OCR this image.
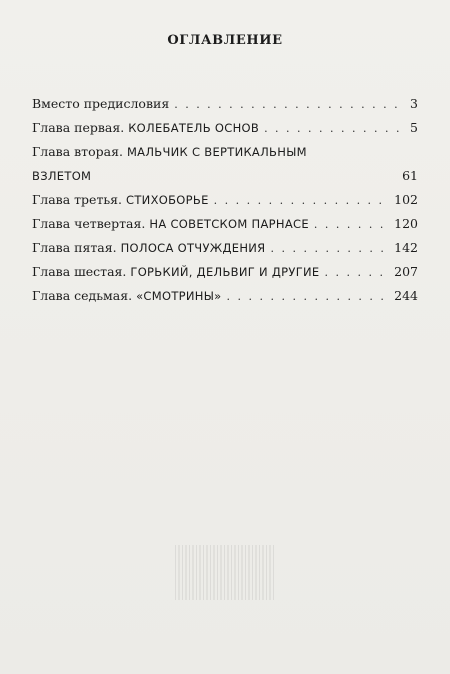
ОГЛАВЛЕНИЕ
Вместо предисловия . . .	3
Глава первая. КОЛЕБАТЕЛЬ ОСНОВ . . .	5
Глава вторая. МАЛЬЧИК С ВЕРТИКАЛЬНЫМ
ВЗЛЕТОМ	61
Глава третья. СТИХОБОРЬЕ . . .	102
Глава четвертая. НА СОВЕТСКОМ ПАРНАСЕ . . .	120
Глава пятая. ПОЛОСА ОТЧУЖДЕНИЯ . . .	142
Глава шестая. ГОРЬКИЙ, ДЕЛЬВИГ И ДРУГИЕ . . .	207
Глава седьмая. «СМОТРИНЫ» . . .	244
